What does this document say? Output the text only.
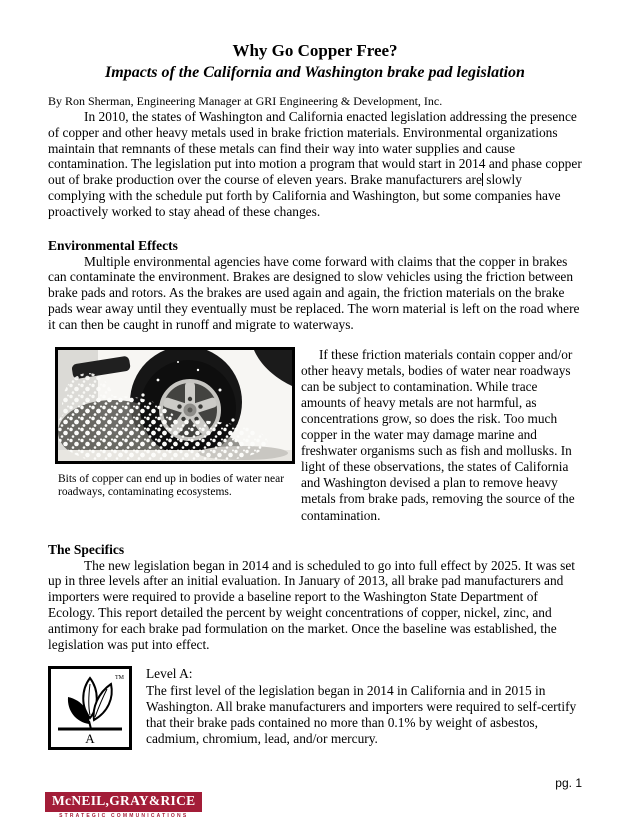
Why Go Copper Free?
Impacts of the California and Washington brake pad legislation
By Ron Sherman, Engineering Manager at GRI Engineering & Development, Inc.

In 2010, the states of Washington and California enacted legislation addressing the presence of copper and other heavy metals used in brake friction materials. Environmental organizations maintain that remnants of these metals can find their way into water supplies and cause contamination. The legislation put into motion a program that would start in 2014 and phase copper out of brake production over the course of eleven years. Brake manufacturers are slowly complying with the schedule put forth by California and Washington, but some companies have proactively worked to stay ahead of these changes.

Environmental Effects

Multiple environmental agencies have come forward with claims that the copper in brakes can contaminate the environment. Brakes are designed to slow vehicles using the friction between brake pads and rotors. As the brakes are used again and again, the friction materials on the brake pads wear away until they eventually must be replaced. The worn material is left on the road where it can then be caught in runoff and migrate to waterways.

Bits of copper can end up in bodies of water near roadways, contaminating ecosystems.

If these friction materials contain copper and/or other heavy metals, bodies of water near roadways can be subject to contamination. While trace amounts of heavy metals are not harmful, as concentrations grow, so does the risk. Too much copper in the water may damage marine and freshwater organisms such as fish and mollusks. In light of these observations, the states of California and Washington devised a plan to remove heavy metals from brake pads, removing the source of the contamination.

The Specifics

The new legislation began in 2014 and is scheduled to go into full effect by 2025. It was set up in three levels after an initial evaluation. In January of 2013, all brake pad manufacturers and importers were required to provide a baseline report to the Washington State Department of Ecology. This report detailed the percent by weight concentrations of copper, nickel, zinc, and antimony for each brake pad formulation on the market. Once the baseline was established, the legislation was put into effect.

TM
A
Level A:
The first level of the legislation began in 2014 in California and in 2015 in Washington. All brake manufacturers and importers were required to self-certify that their brake pads contained no more than 0.1% by weight of asbestos, cadmium, chromium, lead, and/or mercury.
pg. 1
McNEIL,GRAY&RICE
STRATEGIC COMMUNICATIONS
